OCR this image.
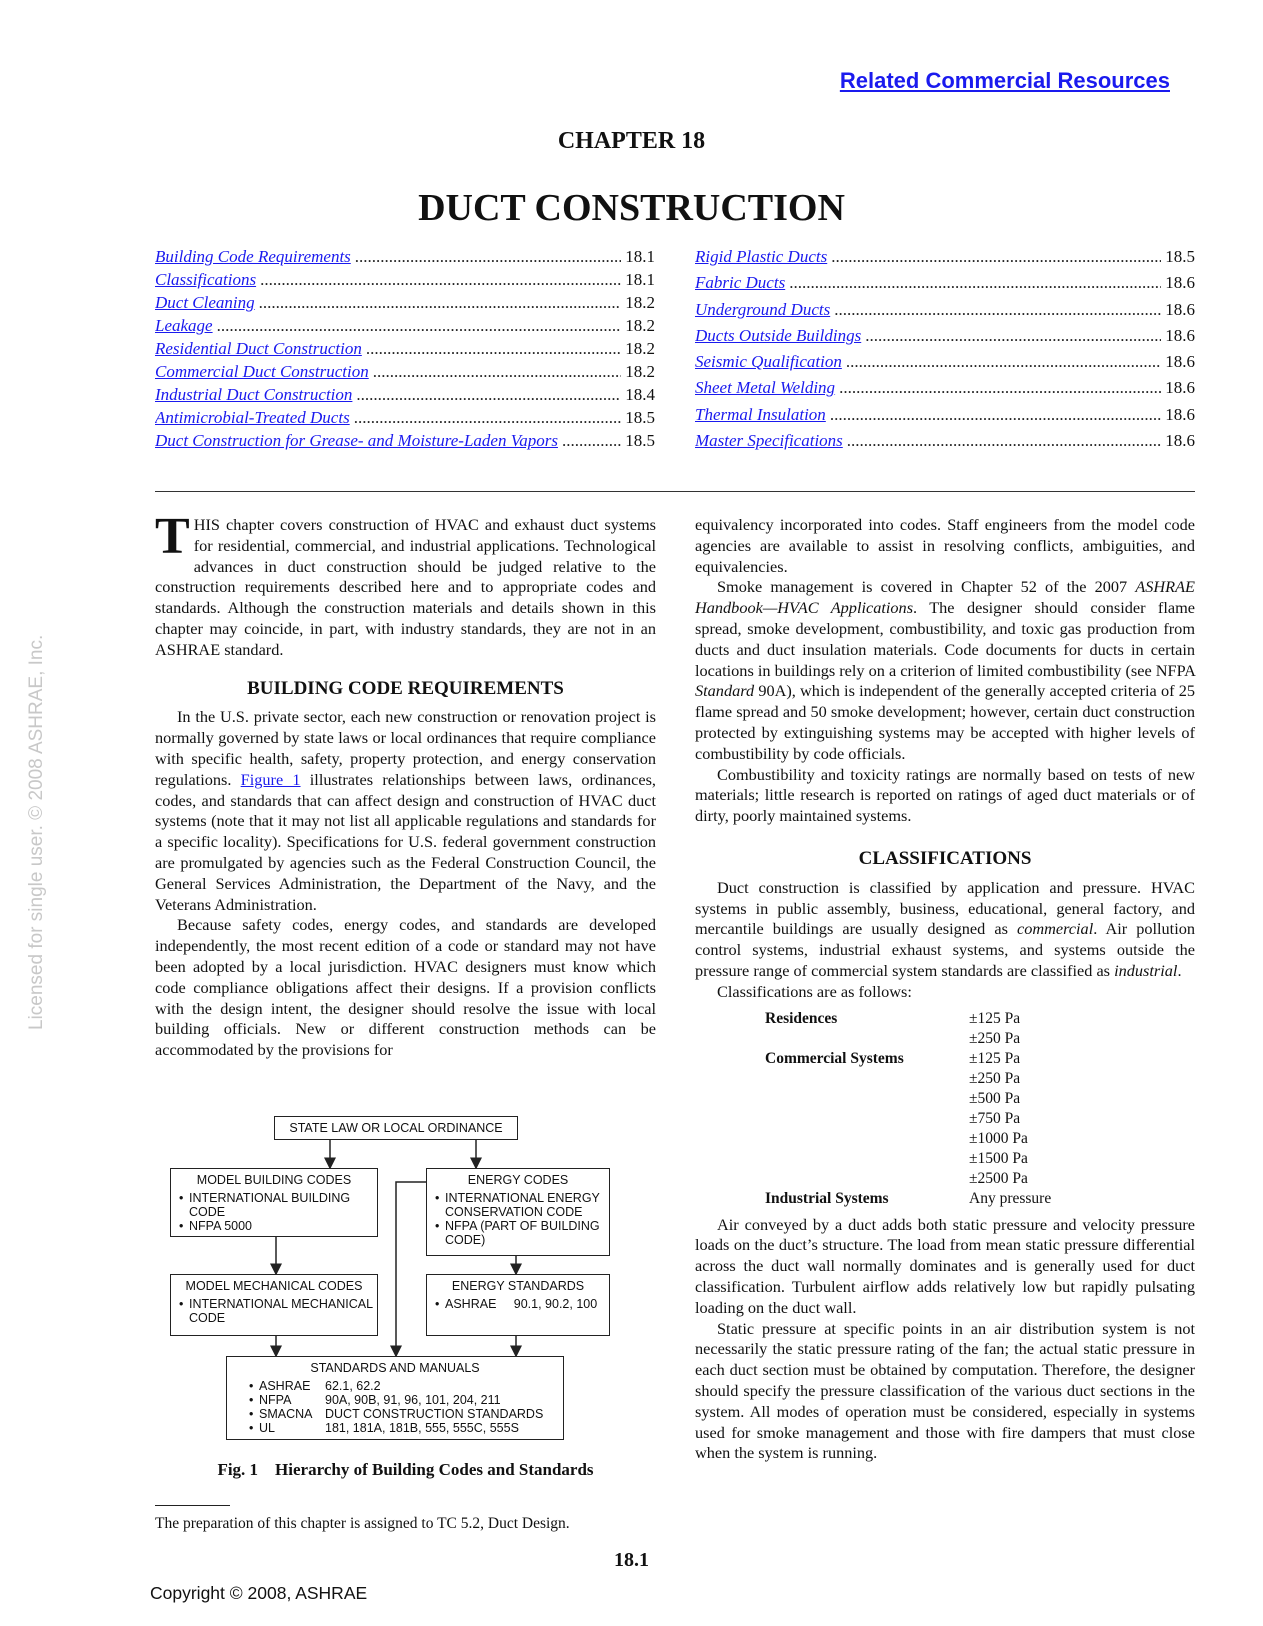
Related Commercial Resources
Licensed for single user. © 2008 ASHRAE, Inc.
CHAPTER 18
DUCT CONSTRUCTION
Building Code Requirements .....	18.1
Classifications .....	18.1
Duct Cleaning .....	18.2
Leakage .....	18.2
Residential Duct Construction .....	18.2
Commercial Duct Construction .....	18.2
Industrial Duct Construction .....	18.4
Antimicrobial-Treated Ducts .....	18.5
Duct Construction for Grease- and Moisture-Laden Vapors .....	18.5
Rigid Plastic Ducts .....	18.5
Fabric Ducts .....	18.6
Underground Ducts .....	18.6
Ducts Outside Buildings .....	18.6
Seismic Qualification .....	18.6
Sheet Metal Welding .....	18.6
Thermal Insulation .....	18.6
Master Specifications .....	18.6

THIS chapter covers construction of HVAC and exhaust duct systems for residential, commercial, and industrial applications. Technological advances in duct construction should be judged relative to the construction requirements described here and to appropriate codes and standards. Although the construction materials and details shown in this chapter may coincide, in part, with industry standards, they are not in an ASHRAE standard.

BUILDING CODE REQUIREMENTS

In the U.S. private sector, each new construction or renovation project is normally governed by state laws or local ordinances that require compliance with specific health, safety, property protection, and energy conservation regulations. Figure 1 illustrates relationships between laws, ordinances, codes, and standards that can affect design and construction of HVAC duct systems (note that it may not list all applicable regulations and standards for a specific locality). Specifications for U.S. federal government construction are promulgated by agencies such as the Federal Construction Council, the General Services Administration, the Department of the Navy, and the Veterans Administration.

Because safety codes, energy codes, and standards are developed independently, the most recent edition of a code or standard may not have been adopted by a local jurisdiction. HVAC designers must know which code compliance obligations affect their designs. If a provision conflicts with the design intent, the designer should resolve the issue with local building officials. New or different construction methods can be accommodated by the provisions for

equivalency incorporated into codes. Staff engineers from the model code agencies are available to assist in resolving conflicts, ambiguities, and equivalencies.

Smoke management is covered in Chapter 52 of the 2007 ASHRAE Handbook—HVAC Applications. The designer should consider flame spread, smoke development, combustibility, and toxic gas production from ducts and duct insulation materials. Code documents for ducts in certain locations in buildings rely on a criterion of limited combustibility (see NFPA Standard 90A), which is independent of the generally accepted criteria of 25 flame spread and 50 smoke development; however, certain duct construction protected by extinguishing systems may be accepted with higher levels of combustibility by code officials.

Combustibility and toxicity ratings are normally based on tests of new materials; little research is reported on ratings of aged duct materials or of dirty, poorly maintained systems.

CLASSIFICATIONS

Duct construction is classified by application and pressure. HVAC systems in public assembly, business, educational, general factory, and mercantile buildings are usually designed as commercial. Air pollution control systems, industrial exhaust systems, and systems outside the pressure range of commercial system standards are classified as industrial.

Classifications are as follows:

Residences	±125 Pa
±250 Pa
Commercial Systems	±125 Pa
±250 Pa
±500 Pa
±750 Pa
±1000 Pa
±1500 Pa
±2500 Pa
Industrial Systems	Any pressure

Air conveyed by a duct adds both static pressure and velocity pressure loads on the duct’s structure. The load from mean static pressure differential across the duct wall normally dominates and is generally used for duct classification. Turbulent airflow adds relatively low but rapidly pulsating loading on the duct wall.

Static pressure at specific points in an air distribution system is not necessarily the static pressure rating of the fan; the actual static pressure in each duct section must be obtained by computation. Therefore, the designer should specify the pressure classification of the various duct sections in the system. All modes of operation must be considered, especially in systems used for smoke management and those with fire dampers that must close when the system is running.

STATE LAW OR LOCAL ORDINANCE
MODEL BUILDING CODES
• INTERNATIONAL BUILDING CODE
• NFPA 5000
ENERGY CODES
• INTERNATIONAL ENERGY CONSERVATION CODE
• NFPA (PART OF BUILDING CODE)
MODEL MECHANICAL CODES
• INTERNATIONAL MECHANICAL CODE
ENERGY STANDARDS
• ASHRAE     90.1, 90.2, 100
STANDARDS AND MANUALS
• ASHRAE	62.1, 62.2
• NFPA	90A, 90B, 91, 96, 101, 204, 211
• SMACNA	DUCT CONSTRUCTION STANDARDS
• UL	181, 181A, 181B, 555, 555C, 555S
Fig. 1    Hierarchy of Building Codes and Standards
The preparation of this chapter is assigned to TC 5.2, Duct Design.
18.1
Copyright © 2008, ASHRAE
